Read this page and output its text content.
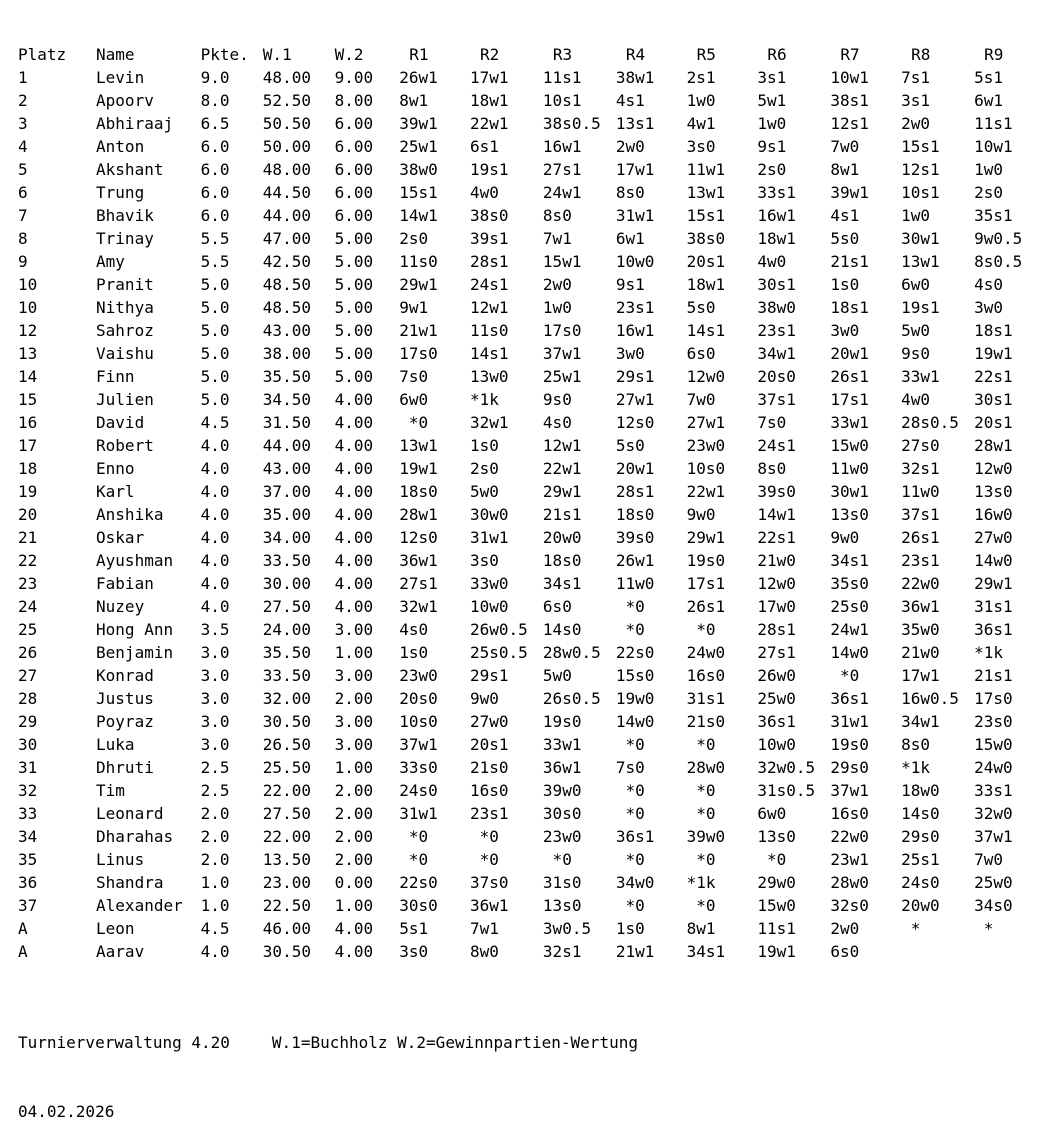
Platz	Name	Pkte.	W.1	W.2	R1	R2	R3	R4	R5	R6	R7	R8	R9
1	Levin	9.0	48.00	9.00	26w1	17w1	11s1	38w1	2s1	3s1	10w1	7s1	5s1
2	Apoorv	8.0	52.50	8.00	8w1	18w1	10s1	4s1	1w0	5w1	38s1	3s1	6w1
3	Abhiraaj	6.5	50.50	6.00	39w1	22w1	38s0.5	13s1	4w1	1w0	12s1	2w0	11s1
4	Anton	6.0	50.00	6.00	25w1	6s1	16w1	2w0	3s0	9s1	7w0	15s1	10w1
5	Akshant	6.0	48.00	6.00	38w0	19s1	27s1	17w1	11w1	2s0	8w1	12s1	1w0
6	Trung	6.0	44.50	6.00	15s1	4w0	24w1	8s0	13w1	33s1	39w1	10s1	2s0
7	Bhavik	6.0	44.00	6.00	14w1	38s0	8s0	31w1	15s1	16w1	4s1	1w0	35s1
8	Trinay	5.5	47.00	5.00	2s0	39s1	7w1	6w1	38s0	18w1	5s0	30w1	9w0.5
9	Amy	5.5	42.50	5.00	11s0	28s1	15w1	10w0	20s1	4w0	21s1	13w1	8s0.5
10	Pranit	5.0	48.50	5.00	29w1	24s1	2w0	9s1	18w1	30s1	1s0	6w0	4s0
10	Nithya	5.0	48.50	5.00	9w1	12w1	1w0	23s1	5s0	38w0	18s1	19s1	3w0
12	Sahroz	5.0	43.00	5.00	21w1	11s0	17s0	16w1	14s1	23s1	3w0	5w0	18s1
13	Vaishu	5.0	38.00	5.00	17s0	14s1	37w1	3w0	6s0	34w1	20w1	9s0	19w1
14	Finn	5.0	35.50	5.00	7s0	13w0	25w1	29s1	12w0	20s0	26s1	33w1	22s1
15	Julien	5.0	34.50	4.00	6w0	*1k	9s0	27w1	7w0	37s1	17s1	4w0	30s1
16	David	4.5	31.50	4.00	*0	32w1	4s0	12s0	27w1	7s0	33w1	28s0.5	20s1
17	Robert	4.0	44.00	4.00	13w1	1s0	12w1	5s0	23w0	24s1	15w0	27s0	28w1
18	Enno	4.0	43.00	4.00	19w1	2s0	22w1	20w1	10s0	8s0	11w0	32s1	12w0
19	Karl	4.0	37.00	4.00	18s0	5w0	29w1	28s1	22w1	39s0	30w1	11w0	13s0
20	Anshika	4.0	35.00	4.00	28w1	30w0	21s1	18s0	9w0	14w1	13s0	37s1	16w0
21	Oskar	4.0	34.00	4.00	12s0	31w1	20w0	39s0	29w1	22s1	9w0	26s1	27w0
22	Ayushman	4.0	33.50	4.00	36w1	3s0	18s0	26w1	19s0	21w0	34s1	23s1	14w0
23	Fabian	4.0	30.00	4.00	27s1	33w0	34s1	11w0	17s1	12w0	35s0	22w0	29w1
24	Nuzey	4.0	27.50	4.00	32w1	10w0	6s0	*0	26s1	17w0	25s0	36w1	31s1
25	Hong Ann	3.5	24.00	3.00	4s0	26w0.5	14s0	*0	*0	28s1	24w1	35w0	36s1
26	Benjamin	3.0	35.50	1.00	1s0	25s0.5	28w0.5	22s0	24w0	27s1	14w0	21w0	*1k
27	Konrad	3.0	33.50	3.00	23w0	29s1	5w0	15s0	16s0	26w0	*0	17w1	21s1
28	Justus	3.0	32.00	2.00	20s0	9w0	26s0.5	19w0	31s1	25w0	36s1	16w0.5	17s0
29	Poyraz	3.0	30.50	3.00	10s0	27w0	19s0	14w0	21s0	36s1	31w1	34w1	23s0
30	Luka	3.0	26.50	3.00	37w1	20s1	33w1	*0	*0	10w0	19s0	8s0	15w0
31	Dhruti	2.5	25.50	1.00	33s0	21s0	36w1	7s0	28w0	32w0.5	29s0	*1k	24w0
32	Tim	2.5	22.00	2.00	24s0	16s0	39w0	*0	*0	31s0.5	37w1	18w0	33s1
33	Leonard	2.0	27.50	2.00	31w1	23s1	30s0	*0	*0	6w0	16s0	14s0	32w0
34	Dharahas	2.0	22.00	2.00	*0	*0	23w0	36s1	39w0	13s0	22w0	29s0	37w1
35	Linus	2.0	13.50	2.00	*0	*0	*0	*0	*0	*0	23w1	25s1	7w0
36	Shandra	1.0	23.00	0.00	22s0	37s0	31s0	34w0	*1k	29w0	28w0	24s0	25w0
37	Alexander	1.0	22.50	1.00	30s0	36w1	13s0	*0	*0	15w0	32s0	20w0	34s0
A	Leon	4.5	46.00	4.00	5s1	7w1	3w0.5	1s0	8w1	11s1	2w0	*	*
A	Aarav	4.0	30.50	4.00	3s0	8w0	32s1	21w1	34s1	19w1	6s0		

Turnierverwaltung 4.20	W.1=Buchholz W.2=Gewinnpartien-Wertung

04.02.2026
